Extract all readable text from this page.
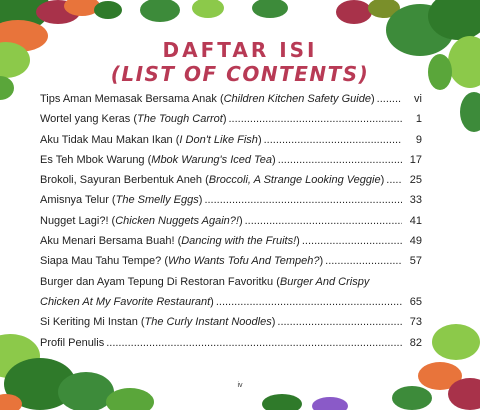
DAFTAR ISI
(LIST OF CONTENTS)
Tips Aman Memasak Bersama Anak (Children Kitchen Safety Guide) .....	vi
Wortel yang Keras (The Tough Carrot) .....	1
Aku Tidak Mau Makan Ikan (I Don't Like Fish) .....	9
Es Teh Mbok Warung (Mbok Warung's Iced Tea) .....	17
Brokoli, Sayuran Berbentuk Aneh (Broccoli, A Strange Looking Veggie) .....	25
Amisnya Telur (The Smelly Eggs) .....	33
Nugget Lagi?! (Chicken Nuggets Again?!) .....	41
Aku Menari Bersama Buah! (Dancing with the Fruits!) .....	49
Siapa Mau Tahu Tempe? (Who Wants Tofu And Tempeh?) .....	57
Burger dan Ayam Tepung Di Restoran Favoritku (Burger And Crispy
Chicken At My Favorite Restaurant) .....	65
Si Keriting Mi Instan (The Curly Instant Noodles) .....	73
Profil Penulis .....	82
iv
